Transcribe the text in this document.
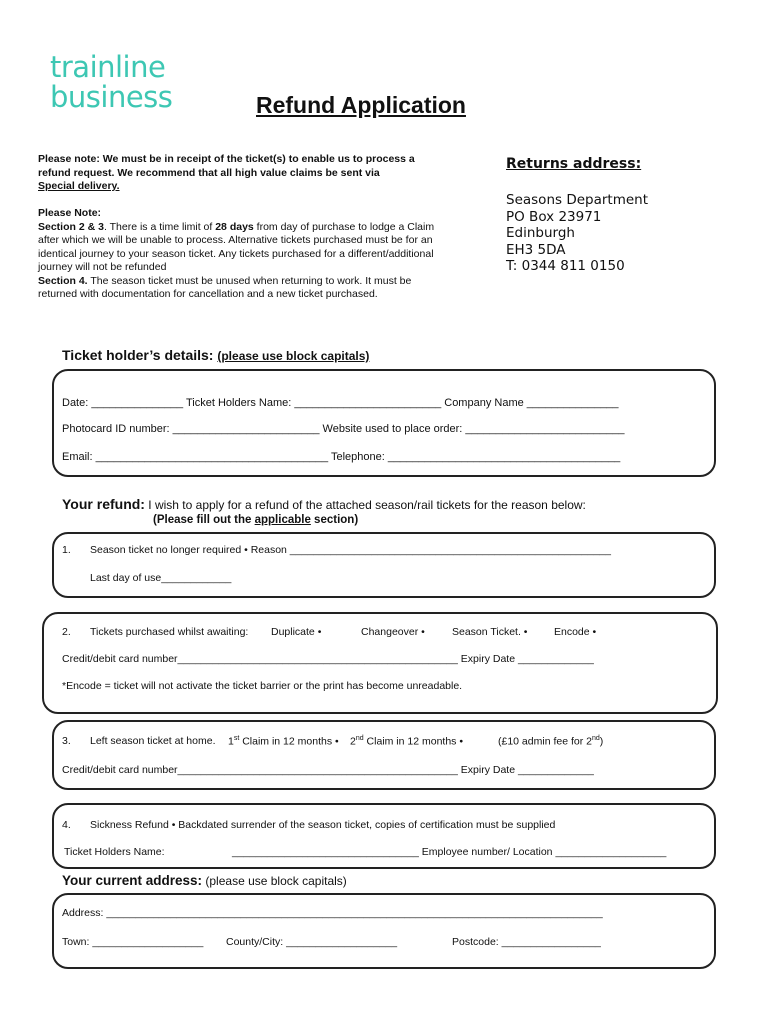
trainline
business	Refund Application
Please note: We must be in receipt of the ticket(s) to enable us to process a refund request. We recommend that all high value claims be sent via Special delivery.
Please Note:
Section 2 & 3. There is a time limit of 28 days from day of purchase to lodge a Claim after which we will be unable to process. Alternative tickets purchased must be for an identical journey to your season ticket. Any tickets purchased for a different/additional journey will not be refunded
Section 4. The season ticket must be unused when returning to work. It must be returned with documentation for cancellation and a new ticket purchased.
Returns address:
Seasons Department
PO Box 23971
Edinburgh
EH3 5DA
T: 0344 811 0150
Ticket holder’s details: (please use block capitals)
Date: _______________ Ticket Holders Name: ________________________ Company Name _______________
Photocard ID number: ________________________ Website used to place order: __________________________
Email: ______________________________________ Telephone: ______________________________________
Your refund: I wish to apply for a refund of the attached season/rail tickets for the reason below:
(Please fill out the applicable section)
1. Season ticket no longer required • Reason _______________________________________________________
Last day of use____________
2. Tickets purchased whilst awaiting: Duplicate •	Changeover •	Season Ticket. •	Encode •
Credit/debit card number________________________________________________ Expiry Date _____________
*Encode = ticket will not activate the ticket barrier or the print has become unreadable.
3. Left season ticket at home. 1st Claim in 12 months • 2nd Claim in 12 months •	(£10 admin fee for 2nd)
Credit/debit card number________________________________________________ Expiry Date _____________
4. Sickness Refund • Backdated surrender of the season ticket, copies of certification must be supplied
Ticket Holders Name:	________________________________ Employee number/ Location ___________________
Your current address: (please use block capitals)
Address: _____________________________________________________________________________________
Town: ___________________ County/City: ___________________	Postcode: _________________
